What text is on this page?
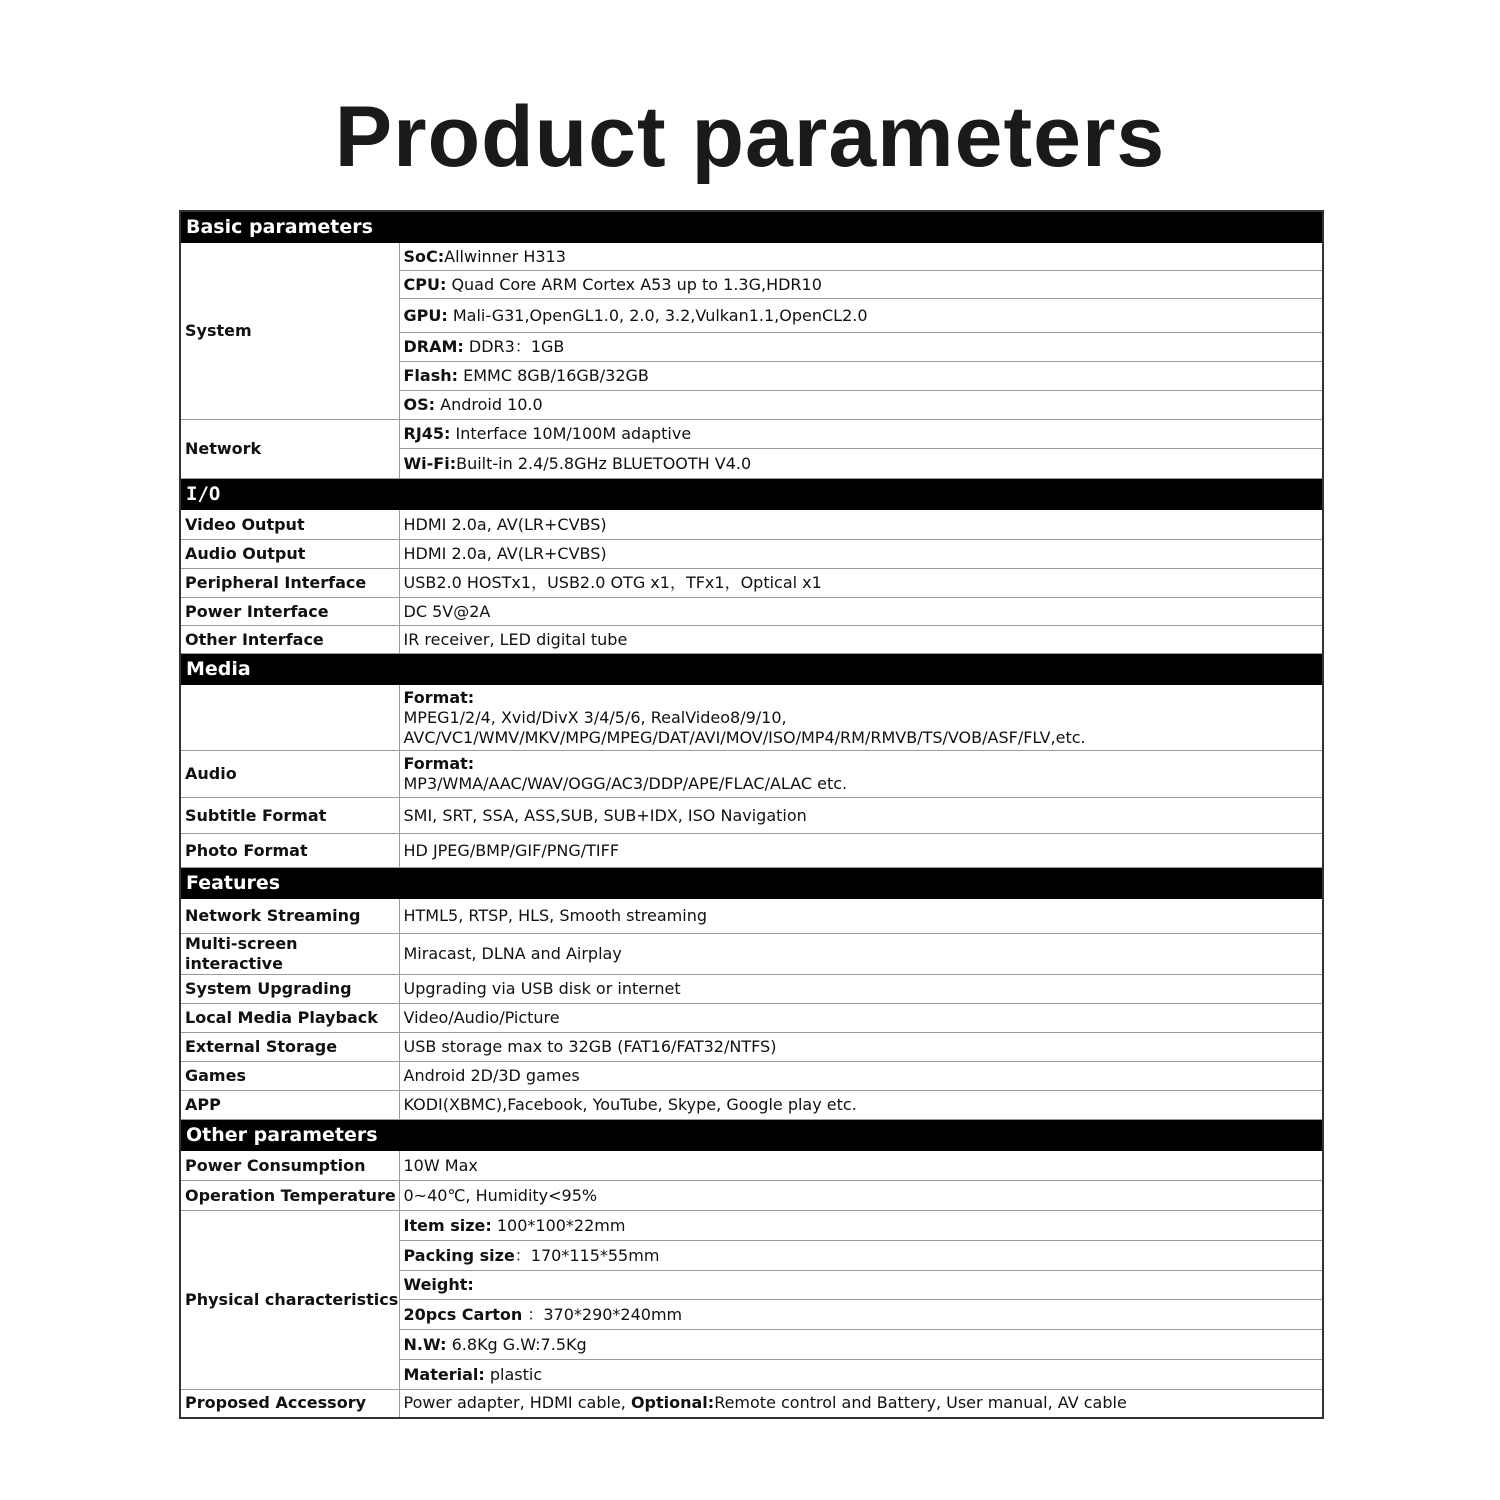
Product parameters
Basic parameters	
System	SoC:Allwinner H313
	CPU: Quad Core ARM Cortex A53 up to 1.3G,HDR10
	GPU: Mali-G31,OpenGL1.0, 2.0, 3.2,Vulkan1.1,OpenCL2.0
	DRAM: DDR3：1GB
	Flash: EMMC 8GB/16GB/32GB
	OS: Android 10.0
Network	RJ45: Interface 10M/100M adaptive
	Wi-Fi:Built-in 2.4/5.8GHz BLUETOOTH V4.0
I/O	
Video Output	HDMI 2.0a, AV(LR+CVBS)
Audio Output	HDMI 2.0a, AV(LR+CVBS)
Peripheral Interface	USB2.0 HOSTx1，USB2.0 OTG x1，TFx1，Optical x1
Power Interface	DC 5V@2A
Other Interface	IR receiver, LED digital tube
Media	

	Format:
MPEG1/2/4, Xvid/DivX 3/4/5/6, RealVideo8/9/10,
AVC/VC1/WMV/MKV/MPG/MPEG/DAT/AVI/MOV/ISO/MP4/RM/RMVB/TS/VOB/ASF/FLV,etc.

Audio	Format:
MP3/WMA/AAC/WAV/OGG/AC3/DDP/APE/FLAC/ALAC etc.

Subtitle Format	SMI, SRT, SSA, ASS,SUB, SUB+IDX, ISO Navigation
Photo Format	HD JPEG/BMP/GIF/PNG/TIFF
Features	
Network Streaming	HTML5, RTSP, HLS, Smooth streaming

Multi-screen
interactive	Miracast, DLNA and Airplay
System Upgrading	Upgrading via USB disk or internet
Local Media Playback	Video/Audio/Picture
External Storage	USB storage max to 32GB (FAT16/FAT32/NTFS)
Games	Android 2D/3D games
APP	KODI(XBMC),Facebook, YouTube, Skype, Google play etc.
Other parameters	
Power Consumption	10W Max
Operation Temperature	0~40℃, Humidity<95%
Physical characteristics	Item size: 100*100*22mm
	Packing size：170*115*55mm
	Weight:
	20pcs Carton ：370*290*240mm
	N.W: 6.8Kg G.W:7.5Kg
	Material: plastic
Proposed Accessory	Power adapter, HDMI cable, Optional:Remote control and Battery, User manual, AV cable
